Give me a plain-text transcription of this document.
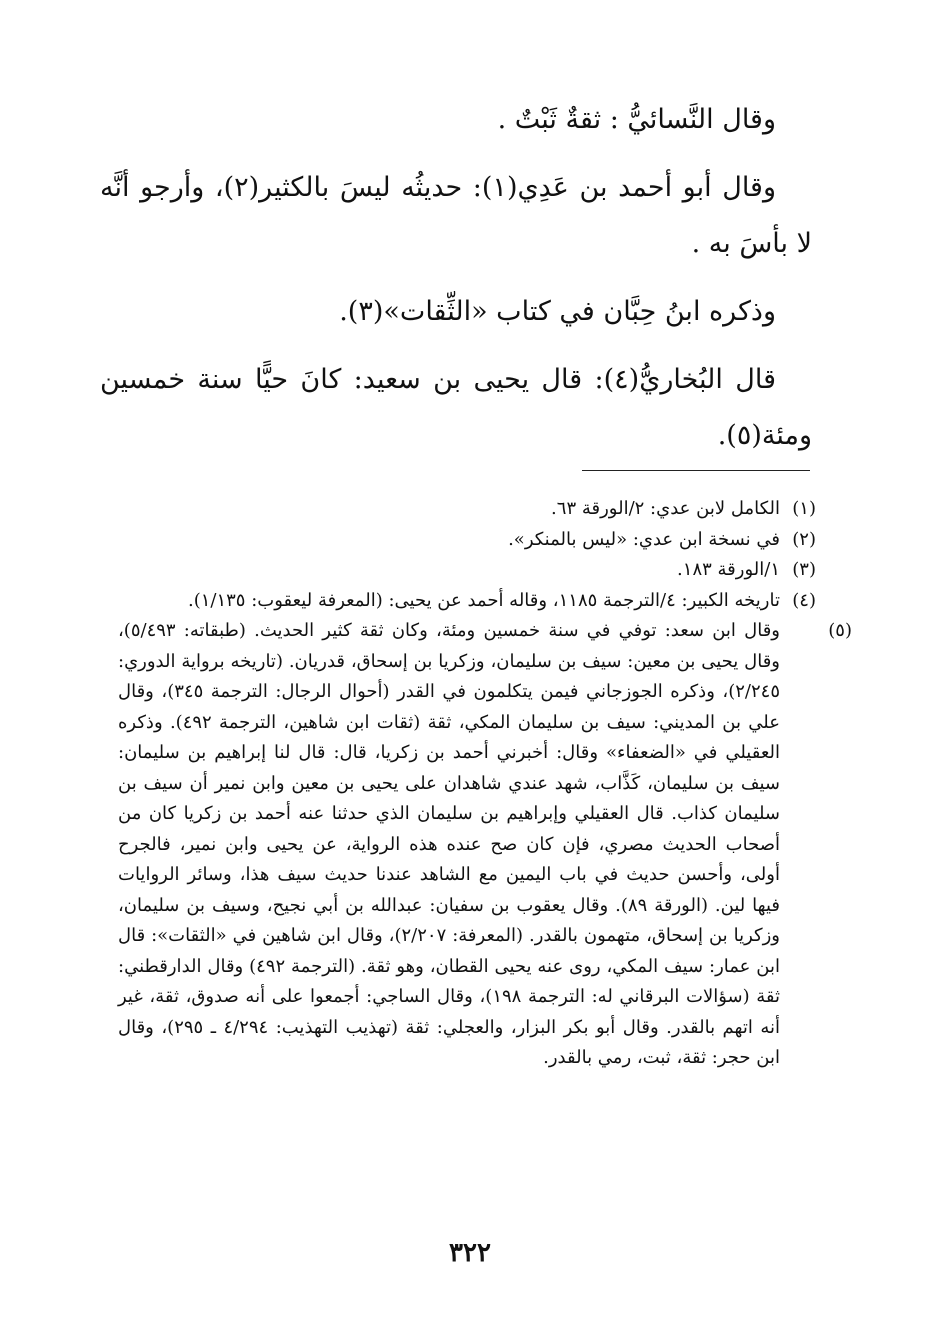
وقال النَّسائيُّ : ثقةٌ ثَبْتٌ .

وقال أبو أحمد بن عَدِي(١): حديثُه ليسَ بالكثير(٢)، وأرجو أنَّه لا بأسَ به .

وذكره ابنُ حِبَّان في كتاب «الثِّقات»(٣).

قال البُخاريُّ(٤): قال يحيى بن سعيد: كانَ حيًّا سنة خمسين ومئة(٥).

(١)الكامل لابن عدي: ٢/الورقة ٦٣.

(٢)في نسخة ابن عدي: «ليس بالمنكر».

(٣)١/الورقة ١٨٣.

(٤)تاريخه الكبير: ٤/الترجمة ١١٨٥، وقاله أحمد عن يحيى: (المعرفة ليعقوب: ١/١٣٥).

(٥)وقال ابن سعد: توفي في سنة خمسين ومئة، وكان ثقة كثير الحديث. (طبقاته: ٥/٤٩٣)، وقال يحيى بن معين: سيف بن سليمان، وزكريا بن إسحاق، قدريان. (تاريخه برواية الدوري: ٢/٢٤٥)، وذكره الجوزجاني فيمن يتكلمون في القدر (أحوال الرجال: الترجمة ٣٤٥)، وقال علي بن المديني: سيف بن سليمان المكي، ثقة (ثقات ابن شاهين، الترجمة ٤٩٢). وذكره العقيلي في «الضعفاء» وقال: أخبرني أحمد بن زكريا، قال: قال لنا إبراهيم بن سليمان: سيف بن سليمان، كَذَّاب، شهد عندي شاهدان على يحيى بن معين وابن نمير أن سيف بن سليمان كذاب. قال العقيلي وإبراهيم بن سليمان الذي حدثنا عنه أحمد بن زكريا كان من أصحاب الحديث مصري، فإن كان صح عنده هذه الرواية، عن يحيى وابن نمير، فالجرح أولى، وأحسن حديث في باب اليمين مع الشاهد عندنا حديث سيف هذا، وسائر الروايات فيها لين. (الورقة ٨٩). وقال يعقوب بن سفيان: عبدالله بن أبي نجيح، وسيف بن سليمان، وزكريا بن إسحاق، متهمون بالقدر. (المعرفة: ٢/٢٠٧)، وقال ابن شاهين في «الثقات»: قال ابن عمار: سيف المكي، روى عنه يحيى القطان، وهو ثقة. (الترجمة ٤٩٢) وقال الدارقطني: ثقة (سؤالات البرقاني له: الترجمة ١٩٨)، وقال الساجي: أجمعوا على أنه صدوق، ثقة، غير أنه اتهم بالقدر. وقال أبو بكر البزار، والعجلي: ثقة (تهذيب التهذيب: ٤/٢٩٤ ـ ٢٩٥)، وقال ابن حجر: ثقة، ثبت، رمي بالقدر.

٣٢٢
